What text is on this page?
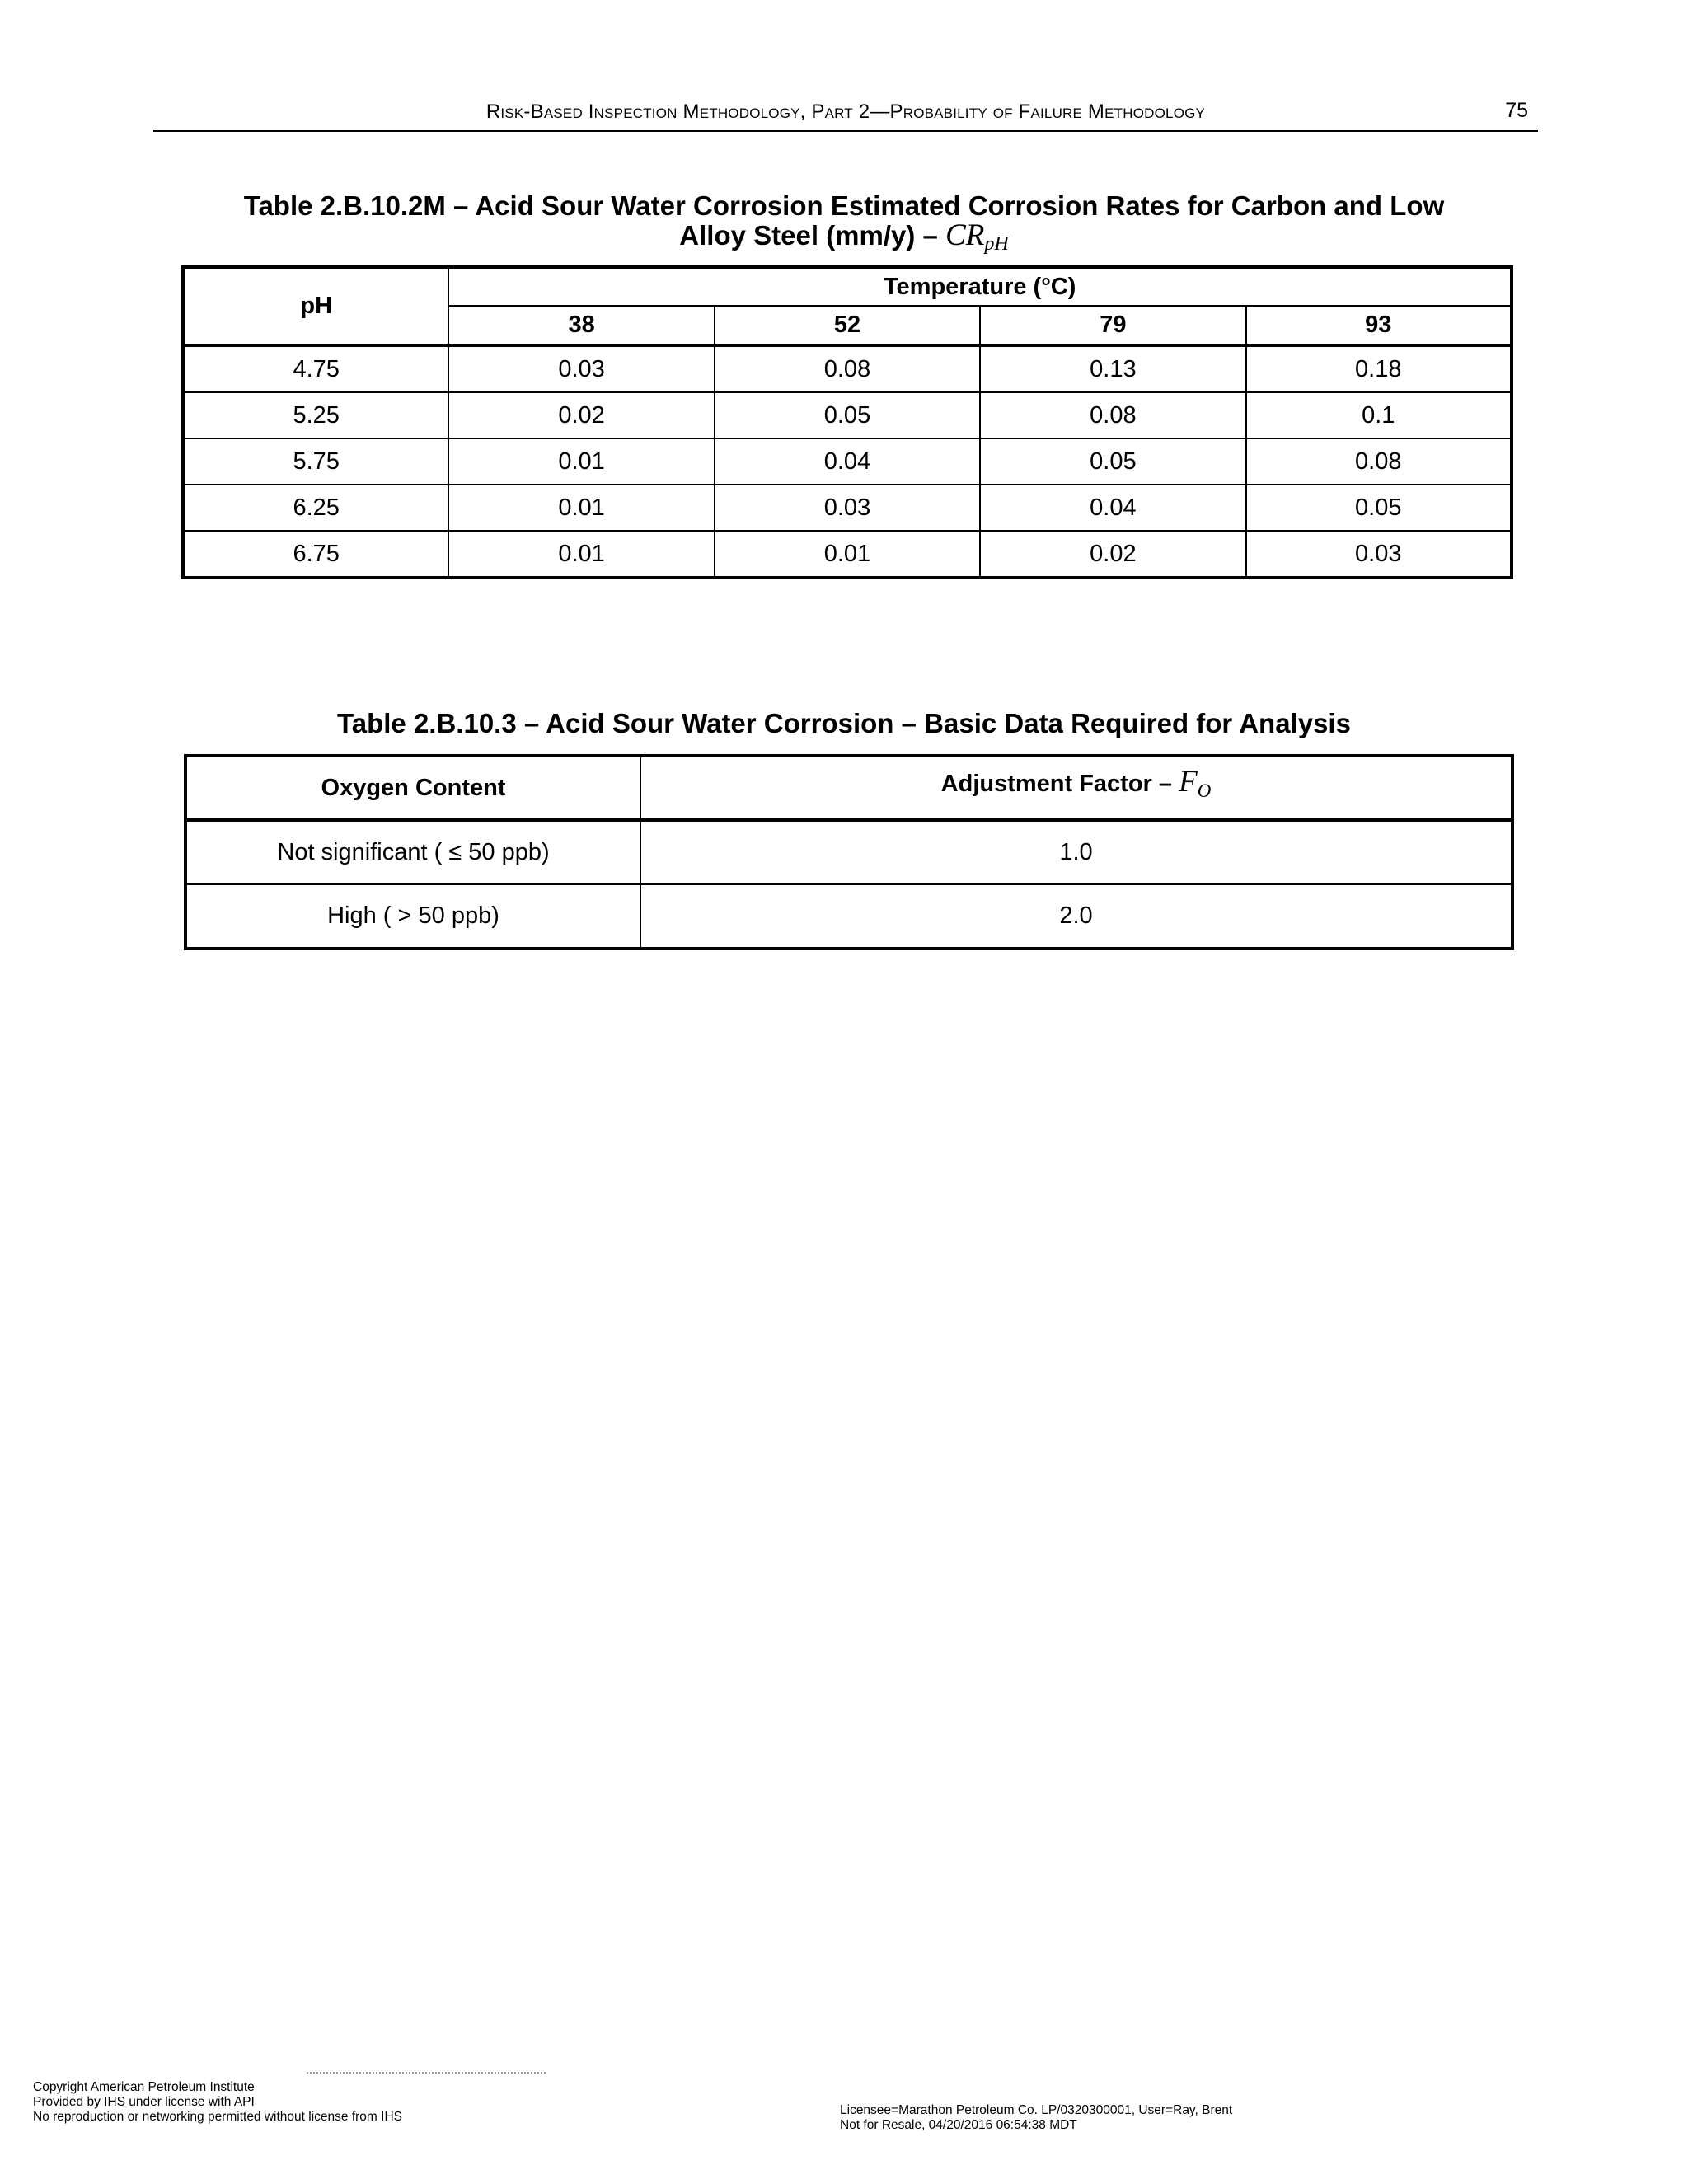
Risk-Based Inspection Methodology, Part 2—Probability of Failure Methodology	75
Table 2.B.10.2M – Acid Sour Water Corrosion Estimated Corrosion Rates for Carbon and Low
Alloy Steel $(mm/y) - CR_{pH}$
pH	Temperature (°C)			
	38	52	79	93
4.75	0.03	0.08	0.13	0.18
5.25	0.02	0.05	0.08	0.1
5.75	0.01	0.04	0.05	0.08
6.25	0.01	0.03	0.04	0.05
6.75	0.01	0.01	0.02	0.03
Table 2.B.10.3 – Acid Sour Water Corrosion – Basic Data Required for Analysis
Oxygen Content	Adjustment Factor – $F_O$
Not significant ( ≤ 50 ppb)	1.0
High ( > 50 ppb)	2.0
Copyright American Petroleum Institute
Provided by IHS under license with API
No reproduction or networking permitted without license from IHS	Licensee=Marathon Petroleum Co. LP/0320300001, User=Ray, Brent
Not for Resale, 04/20/2016 06:54:38 MDT
